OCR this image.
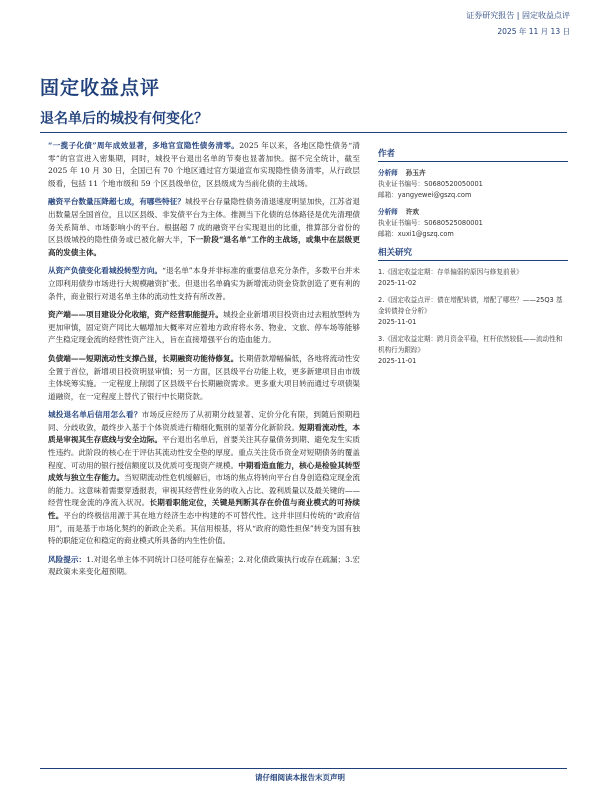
证券研究报告 | 固定收益点评
2025 年 11 月 13 日
固定收益点评
退名单后的城投有何变化？

“一揽子化债”周年成效显著，多地官宣隐性债务清零。2025 年以来，各地区隐性债务“清零”的官宣进入密集期，同时，城投平台退出名单的节奏也显著加快。据不完全统计，截至 2025 年 10 月 30 日，全国已有 70 个地区通过官方渠道宣布实现隐性债务清零，从行政层级看，包括 11 个地市级和 59 个区县级单位，区县级成为当前化债的主战场。

融资平台数量压降超七成，有哪些特征？城投平台存量隐性债务清退速度明显加快，江苏省退出数量居全国首位，且以区县级、非发债平台为主体。推测当下化债的总体路径是优先清理债务关系简单、市场影响小的平台。根据超 7 成的融资平台实现退出的比重，推算部分省份的区县级城投的隐性债务或已被化解大半，下一阶段“退名单”工作的主战场，或集中在层级更高的发债主体。

从资产负债变化看城投转型方向。“退名单”本身并非标准的重要信息充分条件，多数平台并未立即利用债券市场进行大规模融资扩张。但退出名单确实为新增流动资金贷款创造了更有利的条件，商业银行对退名单主体的流动性支持有所改善。

资产端——项目建设分化收缩，资产经营职能提升。城投企业新增项目投资由过去粗放型转为更加审慎，固定资产同比大幅增加大概率对应着地方政府将水务、物业、文旅、停车场等能够产生稳定现金流的经营性资产注入，旨在直接增强平台的造血能力。

负债端——短期流动性支撑凸显，长期融资功能待修复。长期借款增幅偏低，各地将流动性安全置于首位，新增项目投资明显审慎；另一方面，区县级平台功能上收，更多新建项目由市级主体统筹实施。一定程度上削弱了区县级平台长期融资需求。更多重大项目转而通过专项债渠道融资，在一定程度上替代了银行中长期贷款。

城投退名单后信用怎么看？市场反应经历了从初期分歧显著、定价分化有限，到随后预期趋同、分歧收敛，最终步入基于个体资质进行精细化甄别的显著分化新阶段。短期看流动性，本质是审视其生存底线与安全边际。平台退出名单后，首要关注其存量债务到期、避免发生实质性违约。此阶段的核心在于评估其流动性安全垫的厚度。重点关注货币资金对短期债务的覆盖程度、可动用的银行授信额度以及优质可变现资产规模。中期看造血能力，核心是检验其转型成效与独立生存能力。当短期流动性危机缓解后，市场的焦点将转向平台自身创造稳定现金流的能力。这意味着需要穿透报表，审视其经营性业务的收入占比、盈利质量以及最关键的——经营性现金流的净流入状况。长期看职能定位，关键是判断其存在价值与商业模式的可持续性。平台的终极信用源于其在地方经济生态中构建的不可替代性。这并非回归传统的“政府信用”，而是基于市场化契约的新政企关系。其信用根基，将从“政府的隐性担保”转变为国有独特的职能定位和稳定的商业模式所具备的内生性价值。

风险提示：1.对退名单主体不同统计口径可能存在偏差；2.对化债政策执行或存在疏漏；3.宏观政策未来变化超预期。

作者
分析师 孙玉卉
执业证书编号：S0680520050001
邮箱：yangyewei@gszq.com
分析师 许欢
执业证书编号：S0680525080001
邮箱：xuxi1@gszq.com
相关研究
1.《固定收益定期：存单偏弱的原因与修复前景》
2025-11-02
2.《固定收益点评：债在增配转债，增配了哪些？——25Q3 基金转债持仓分析》
2025-11-01
3.《固定收益定期：跨月资金平稳，杠杆依然较低——流动性和机构行为跟踪》
2025-11-01
请仔细阅读本报告末页声明
